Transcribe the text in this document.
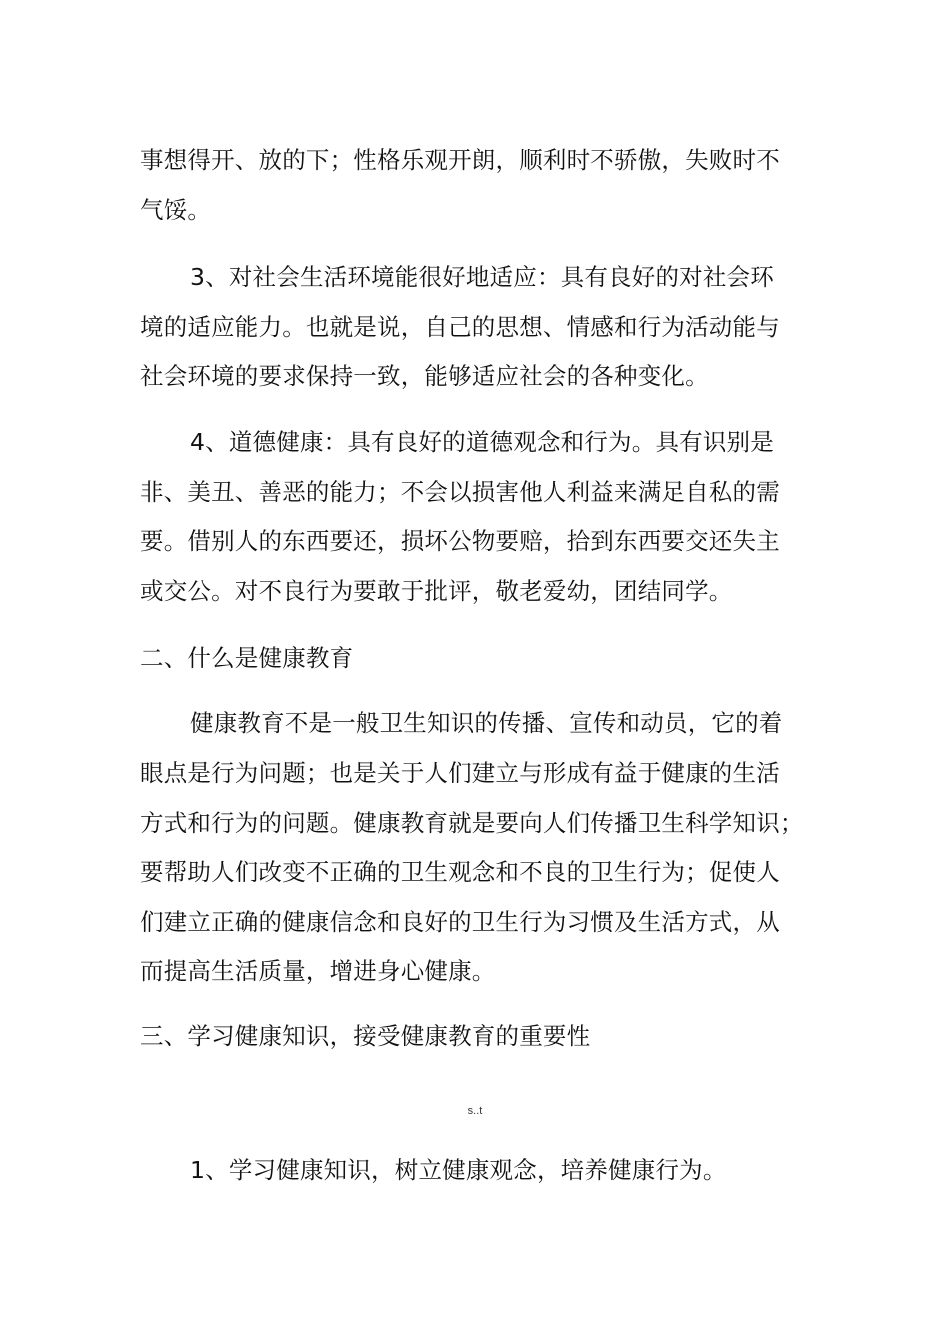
事想得开、放的下；性格乐观开朗，顺利时不骄傲，失败时不
气馁。
3、对社会生活环境能很好地适应：具有良好的对社会环
境的适应能力。也就是说，自己的思想、情感和行为活动能与
社会环境的要求保持一致，能够适应社会的各种变化。
4、道德健康：具有良好的道德观念和行为。具有识别是
非、美丑、善恶的能力；不会以损害他人利益来满足自私的需
要。借别人的东西要还，损坏公物要赔，拾到东西要交还失主
或交公。对不良行为要敢于批评，敬老爱幼，团结同学。
二、什么是健康教育
健康教育不是一般卫生知识的传播、宣传和动员，它的着
眼点是行为问题；也是关于人们建立与形成有益于健康的生活
方式和行为的问题。健康教育就是要向人们传播卫生科学知识；
要帮助人们改变不正确的卫生观念和不良的卫生行为；促使人
们建立正确的健康信念和良好的卫生行为习惯及生活方式，从
而提高生活质量，增进身心健康。
三、学习健康知识，接受健康教育的重要性
s..t
1、学习健康知识，树立健康观念，培养健康行为。
